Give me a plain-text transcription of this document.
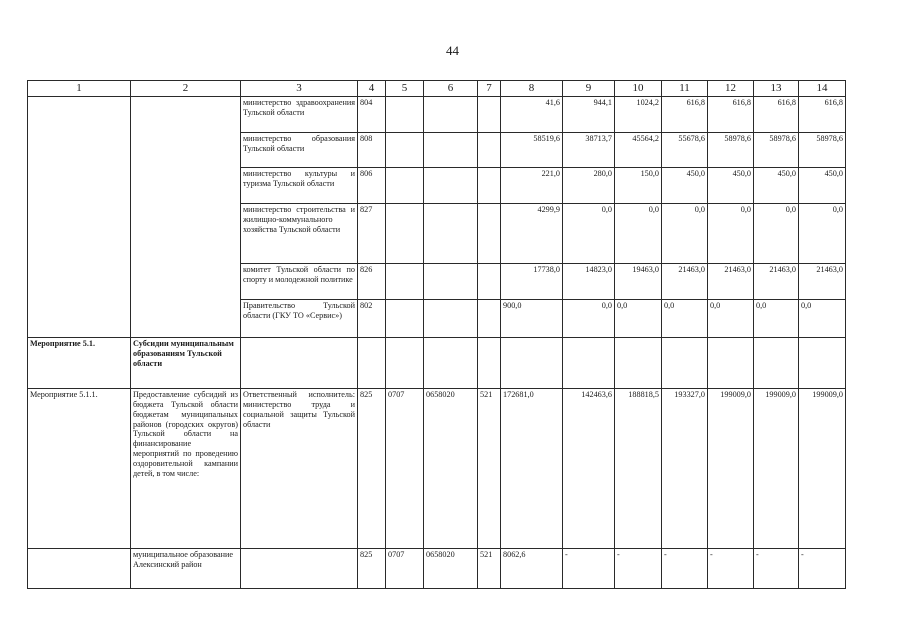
44
1	2	3	4	5	6	7	8	9	10	11	12	13	14
		министерство здравоохранения Тульской области	804				41,6	944,1	1024,2	616,8	616,8	616,8	616,8
		министерство образования Тульской области	808				58519,6	38713,7	45564,2	55678,6	58978,6	58978,6	58978,6
		министерство культуры и туризма Тульской области	806				221,0	280,0	150,0	450,0	450,0	450,0	450,0
		министерство строительства и жилищно-коммунального хозяйства Тульской области	827				4299,9	0,0	0,0	0,0	0,0	0,0	0,0
		комитет Тульской области по спорту и молодежной политике	826				17738,0	14823,0	19463,0	21463,0	21463,0	21463,0	21463,0
		Правительство Тульской области (ГКУ ТО «Сервис»)	802				900,0	0,0	0,0	0,0	0,0	0,0	0,0
Мероприятие 5.1.	Субсидии муниципальным образованиям Тульской области												
Мероприятие 5.1.1.	Предоставление субсидий из бюджета Тульской области бюджетам муниципальных районов (городских округов) Тульской области на финансирование мероприятий по проведению оздоровительной кампании детей, в том числе:	Ответственный исполнитель: министерство труда и социальной защиты Тульской области	825	0707	0658020	521	172681,0	142463,6	188818,5	193327,0	199009,0	199009,0	199009,0
	муниципальное образование Алексинский район		825	0707	0658020	521	8062,6	-	-	-	-	-	-
